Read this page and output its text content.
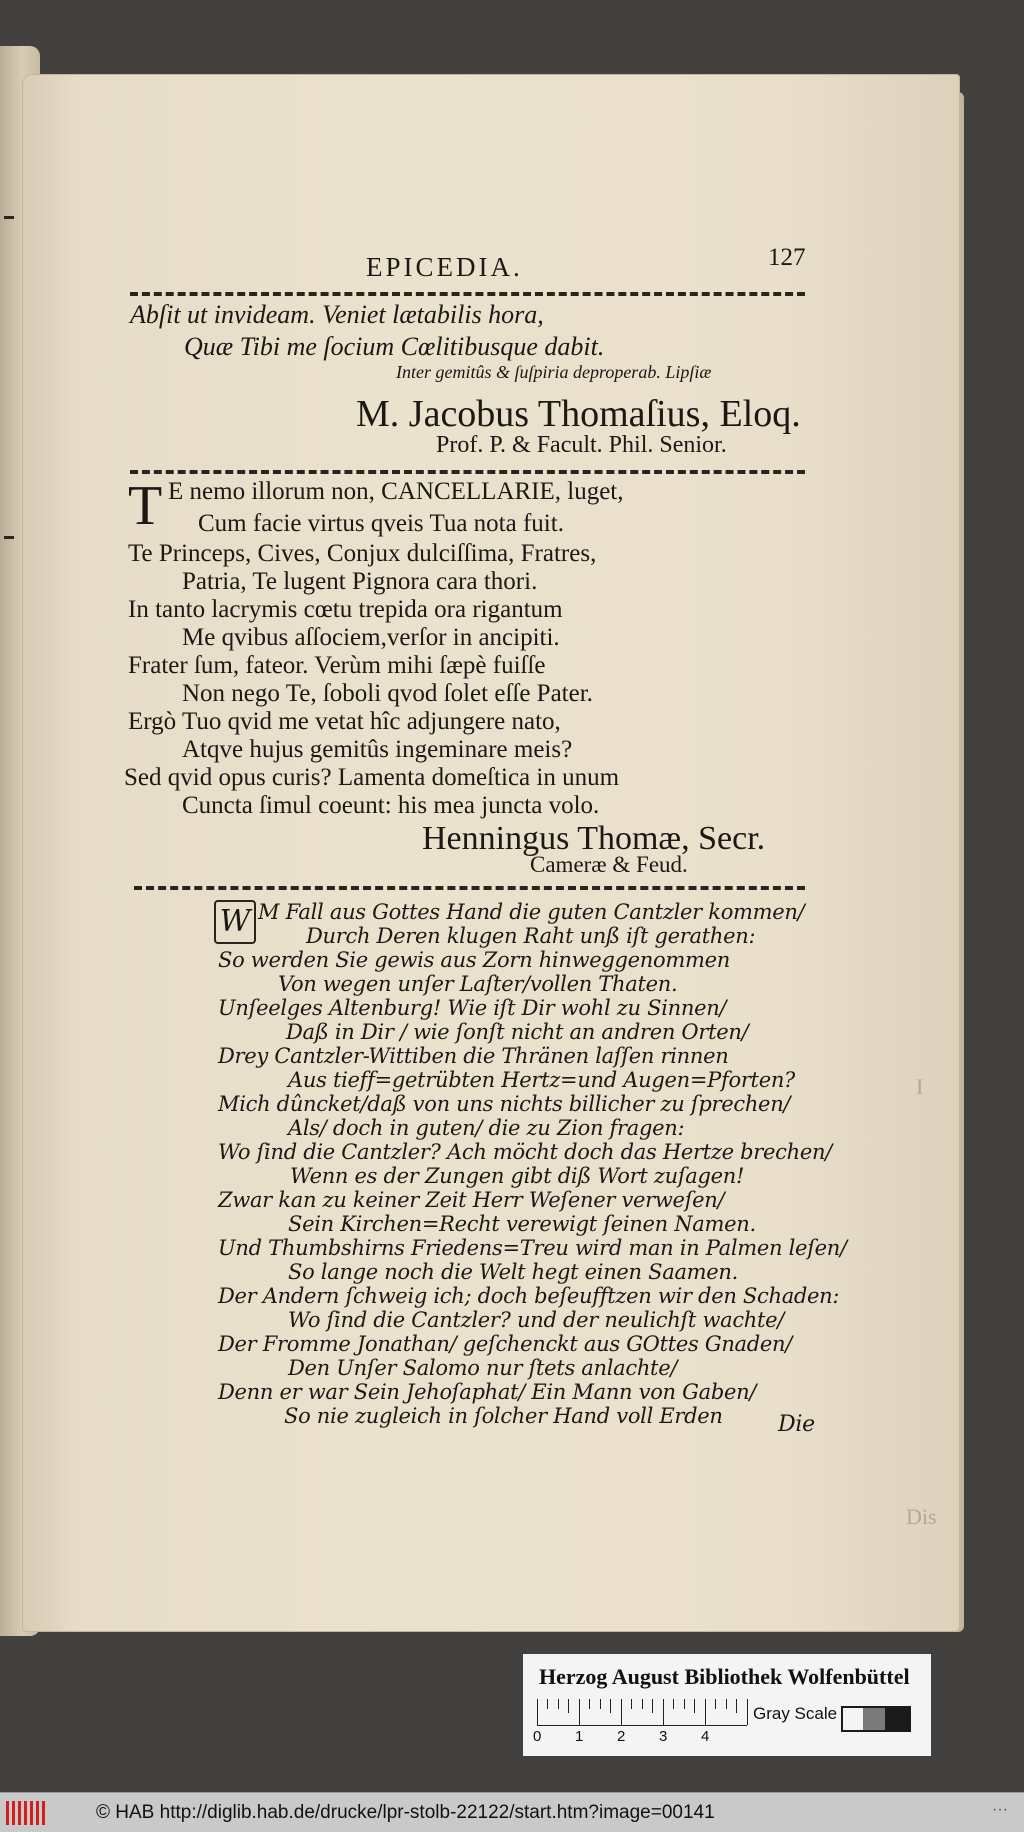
I
Dis
EPICEDIA.	127
Abſit ut invideam. Veniet lætabilis hora,
Quæ Tibi me ſocium Cœlitibusque dabit.
Inter gemitûs & ſuſpiria deproperab. Lipſiæ
M. Jacobus Thomaſius, Eloq.
Prof. P. & Facult. Phil. Senior.
T E nemo illorum non, CANCELLARIE, luget,
Cum facie virtus qveis Tua nota fuit.
Te Princeps, Cives, Conjux dulciſſima, Fratres,
Patria, Te lugent Pignora cara thori.
In tanto lacrymis cœtu trepida ora rigantum
Me qvibus aſſociem,verſor in ancipiti.
Frater ſum, fateor. Verùm mihi ſæpè fuiſſe
Non nego Te, ſoboli qvod ſolet eſſe Pater.
Ergò Tuo qvid me vetat hîc adjungere nato,
Atqve hujus gemitûs ingeminare meis?
Sed qvid opus curis? Lamenta domeſtica in unum
Cuncta ſimul coeunt: his mea juncta volo.
Henningus Thomæ, Secr.
Cameræ & Feud.
W M Fall aus Gottes Hand die guten Cantzler kommen/
Durch Deren klugen Raht unß iſt gerathen:
So werden Sie gewis aus Zorn hinweggenommen
Von wegen unſer Laſter/vollen Thaten.
Unſeelges Altenburg! Wie iſt Dir wohl zu Sinnen/
Daß in Dir / wie ſonſt nicht an andren Orten/
Drey Cantzler-Wittiben die Thränen laſſen rinnen
Aus tieff=getrübten Hertz=und Augen=Pforten?
Mich dûncket/daß von uns nichts billicher zu ſprechen/
Als/ doch in guten/ die zu Zion fragen:
Wo ſind die Cantzler? Ach möcht doch das Hertze brechen/
Wenn es der Zungen gibt diß Wort zuſagen!
Zwar kan zu keiner Zeit Herr Weſener verweſen/
Sein Kirchen=Recht verewigt ſeinen Namen.
Und Thumbshirns Friedens=Treu wird man in Palmen leſen/
So lange noch die Welt hegt einen Saamen.
Der Andern ſchweig ich; doch beſeufftzen wir den Schaden:
Wo ſind die Cantzler? und der neulichſt wachte/
Der Fromme Jonathan/ geſchenckt aus GOttes Gnaden/
Den Unſer Salomo nur ſtets anlachte/
Denn er war Sein Jehoſaphat/ Ein Mann von Gaben/
So nie zugleich in ſolcher Hand voll Erden	Die
Herzog August Bibliothek Wolfenbüttel
0 1 2 3 4
Gray Scale
© HAB http://diglib.hab.de/drucke/lpr-stolb-22122/start.htm?image=00141	···
